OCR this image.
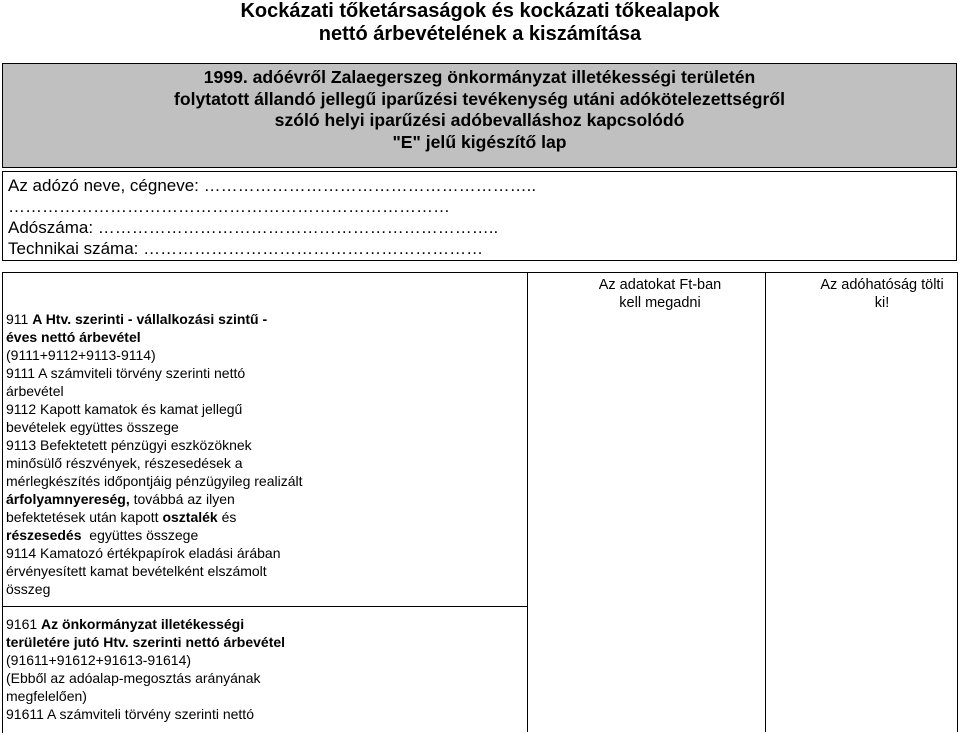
Kockázati tőketársaságok és kockázati tőkealapok
nettó árbevételének a kiszámítása
1999. adóévről Zalaegerszeg önkormányzat illetékességi területén
folytatott állandó jellegű iparűzési tevékenység utáni adókötelezettségről
szóló helyi iparűzési adóbevalláshoz kapcsolódó
"E" jelű kigészítő lap
Az adózó neve, cégneve: …………………………………………………..
……………………………………………………………………
Adószáma: ……………………………………………………………..
Technikai száma: ……………………………………………………
Az adatokat Ft-ban kell megadni
Az adóhatóság tölti ki!
911 A Htv. szerinti - vállalkozási szintű -
éves nettó árbevétel
(9111+9112+9113-9114)
9111 A számviteli törvény szerinti nettó
árbevétel
9112 Kapott kamatok és kamat jellegű
bevételek együttes összege
9113 Befektetett pénzügyi eszközöknek
minősülő részvények, részesedések a
mérlegkészítés időpontjáig pénzügyileg realizált
árfolyamnyereség, továbbá az ilyen
befektetések után kapott osztalék és
részesedés  együttes összege
9114 Kamatozó értékpapírok eladási árában
érvényesített kamat bevételként elszámolt
összeg
9161 Az önkormányzat illetékességi
területére jutó Htv. szerinti nettó árbevétel
(91611+91612+91613-91614)
(Ebből az adóalap-megosztás arányának
megfelelően)
91611 A számviteli törvény szerinti nettó
